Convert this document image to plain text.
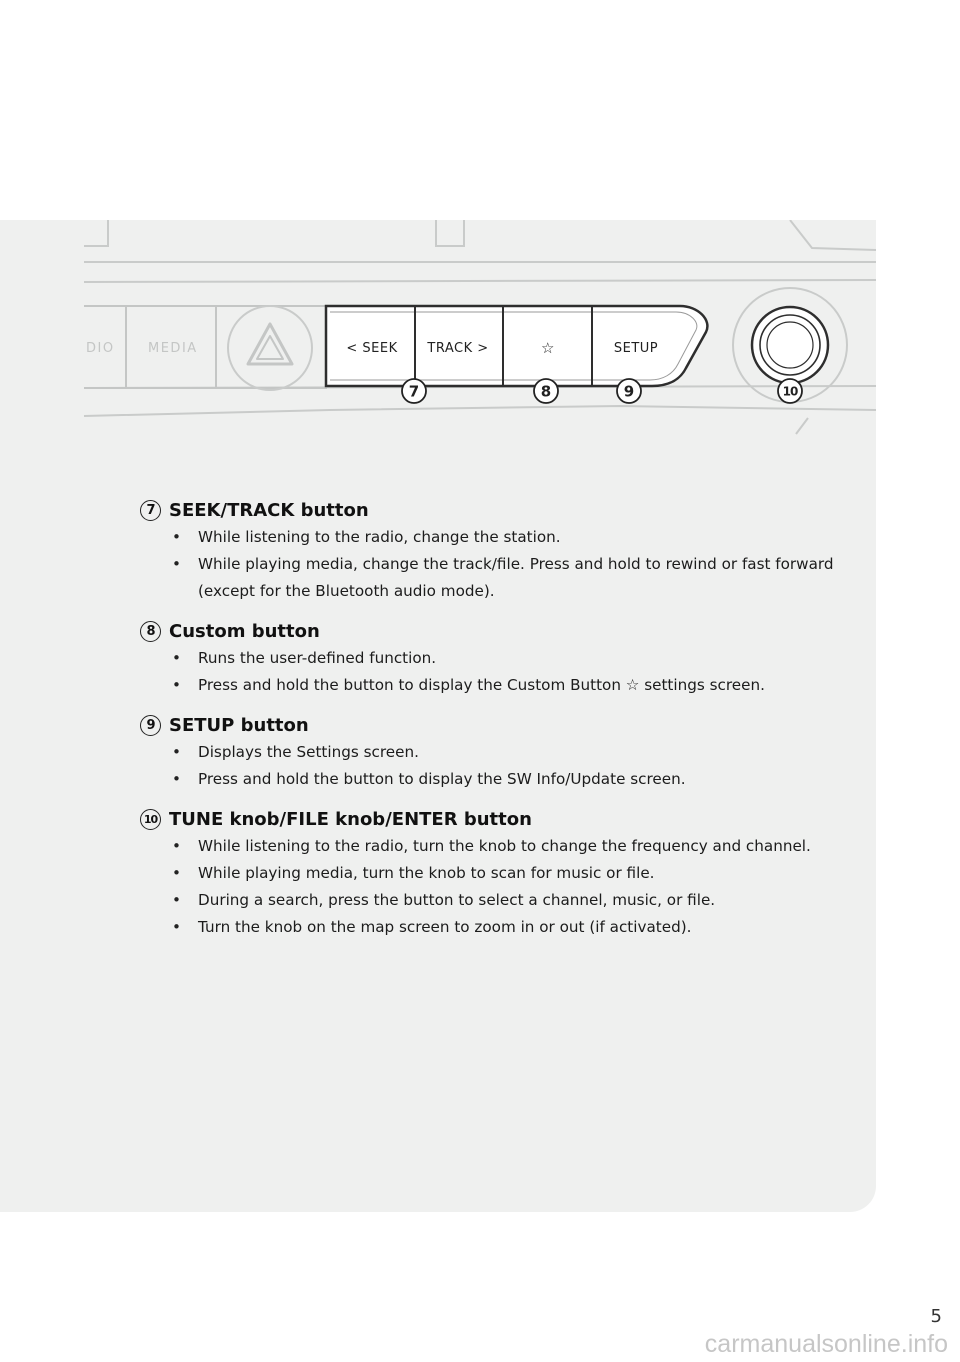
DIO	MEDIA	< SEEK TRACK >	☆	SETUP
7	8	9	10
7 SEEK/TRACK button
• While listening to the radio, change the station.
• While playing media, change the track/file. Press and hold to rewind or fast forward (except for the Bluetooth audio mode).
8 Custom button
• Runs the user-defined function.
• Press and hold the button to display the Custom Button ☆ settings screen.
9 SETUP button
• Displays the Settings screen.
• Press and hold the button to display the SW Info/Update screen.
10 TUNE knob/FILE knob/ENTER button
• While listening to the radio, turn the knob to change the frequency and channel.
• While playing media, turn the knob to scan for music or file.
• During a search, press the button to select a channel, music, or file.
• Turn the knob on the map screen to zoom in or out (if activated).
5
carmanualsonline.info
